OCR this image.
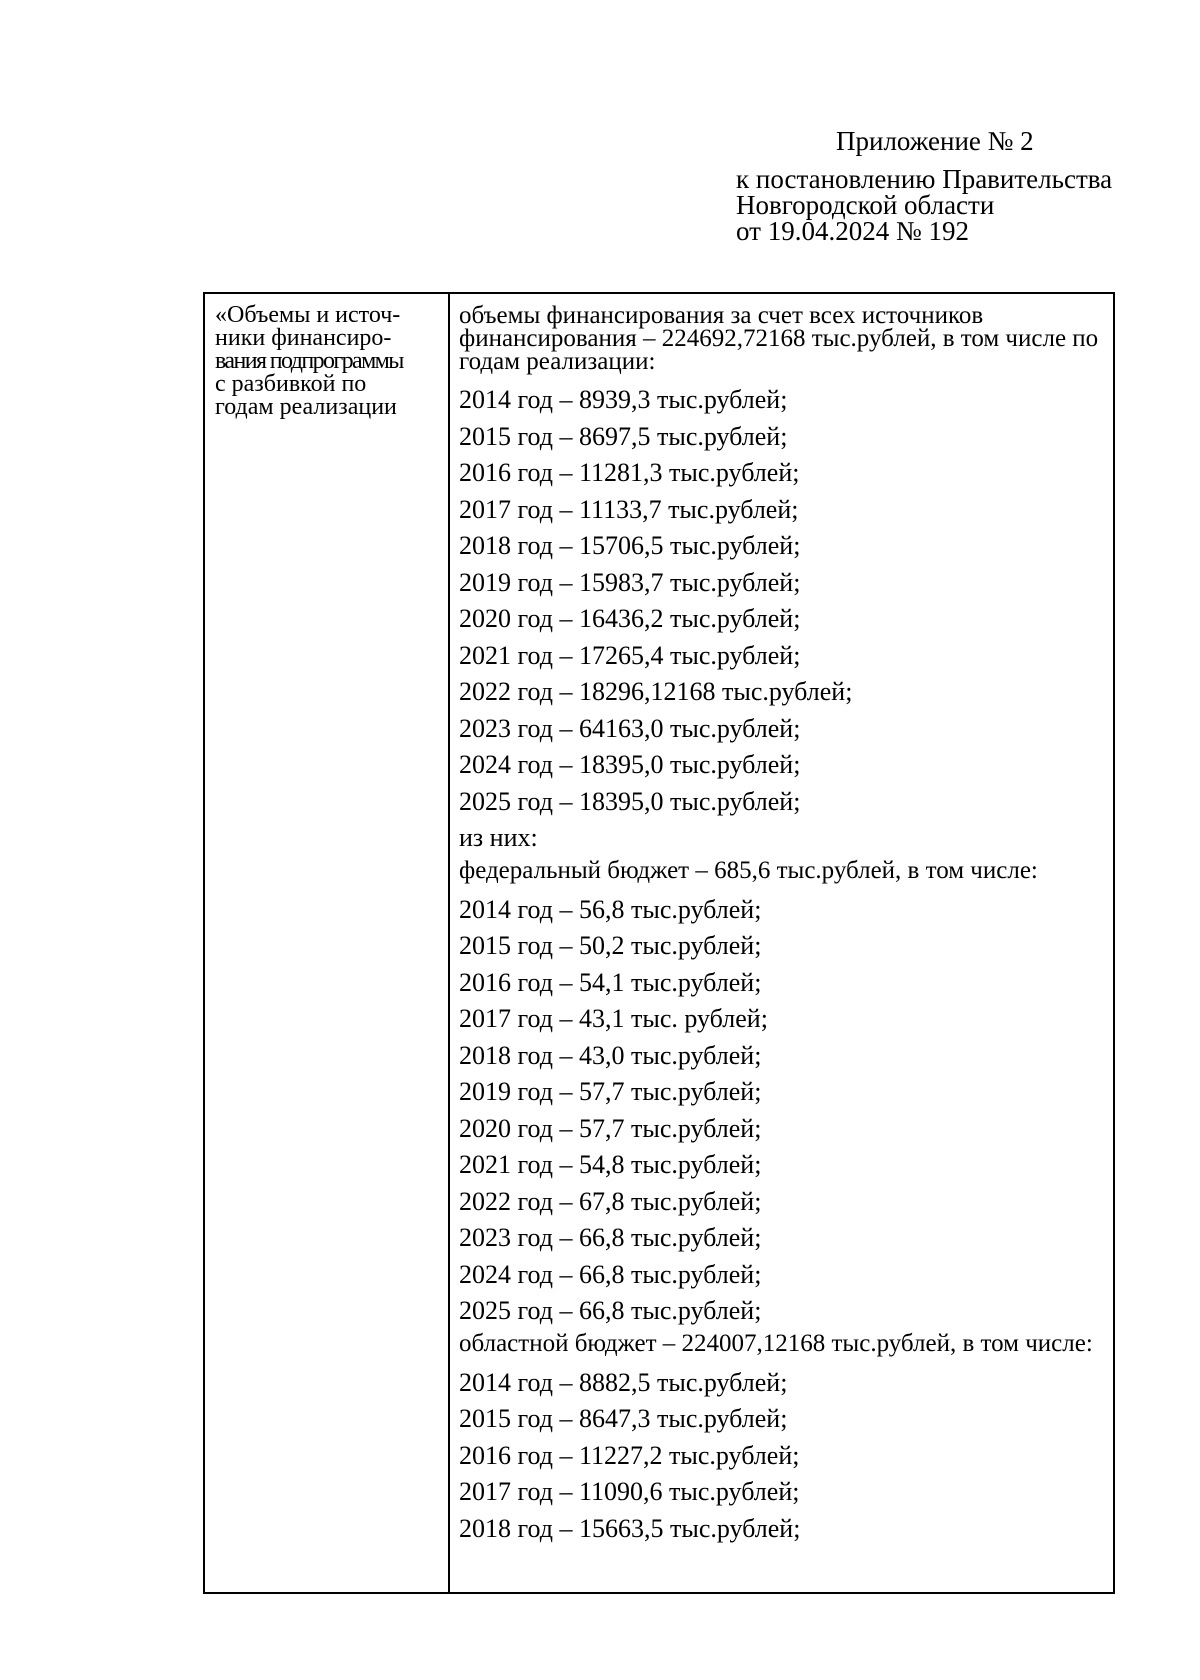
Приложение № 2
к постановлению Правительства
Новгородской области
от 19.04.2024 № 192
«Объемы и источ-
ники финансиро-
вания подпрограммы
с разбивкой по
годам реализации
объемы финансирования за счет всех источников финансирования – 224692,72168 тыс.рублей, в том числе по годам реализации:
2014 год – 8939,3 тыс.рублей;
2015 год – 8697,5 тыс.рублей;
2016 год – 11281,3 тыс.рублей;
2017 год – 11133,7 тыс.рублей;
2018 год – 15706,5 тыс.рублей;
2019 год – 15983,7 тыс.рублей;
2020 год – 16436,2 тыс.рублей;
2021 год – 17265,4 тыс.рублей;
2022 год – 18296,12168 тыс.рублей;
2023 год – 64163,0 тыс.рублей;
2024 год – 18395,0 тыс.рублей;
2025 год – 18395,0 тыс.рублей;
из них:
федеральный бюджет – 685,6 тыс.рублей, в том числе:
2014 год – 56,8 тыс.рублей;
2015 год – 50,2 тыс.рублей;
2016 год – 54,1 тыс.рублей;
2017 год – 43,1 тыс. рублей;
2018 год – 43,0 тыс.рублей;
2019 год – 57,7 тыс.рублей;
2020 год – 57,7 тыс.рублей;
2021 год – 54,8 тыс.рублей;
2022 год – 67,8 тыс.рублей;
2023 год – 66,8 тыс.рублей;
2024 год – 66,8 тыс.рублей;
2025 год – 66,8 тыс.рублей;
областной бюджет – 224007,12168 тыс.рублей, в том числе:
2014 год – 8882,5 тыс.рублей;
2015 год – 8647,3 тыс.рублей;
2016 год – 11227,2 тыс.рублей;
2017 год – 11090,6 тыс.рублей;
2018 год – 15663,5 тыс.рублей;
